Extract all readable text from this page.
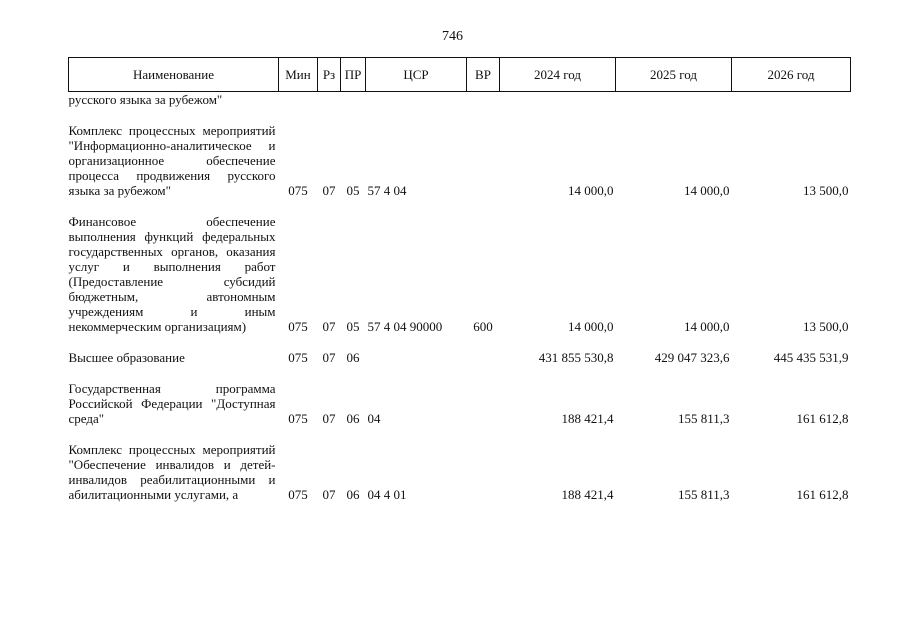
746
Наименование	Мин	Рз	ПР	ЦСР	ВР	2024 год	2025 год	2026 год
русского языка за рубежом"								

Комплекс процессных мероприятий "Информационно-аналитическое и организационное обеспечение процесса продвижения русского языка за рубежом"	075	07	05	57 4 04		14 000,0	14 000,0	13 500,0

Финансовое обеспечение выполнения функций федеральных государственных органов, оказания услуг и выполнения работ (Предоставление субсидий бюджетным, автономным учреждениям и иным некоммерческим организациям)	075	07	05	57 4 04 90000	600	14 000,0	14 000,0	13 500,0

Высшее образование	075	07	06			431 855 530,8	429 047 323,6	445 435 531,9

Государственная программа Российской Федерации "Доступная среда"	075	07	06	04		188 421,4	155 811,3	161 612,8

Комплекс процессных мероприятий "Обеспечение инвалидов и детей-инвалидов реабилитационными и абилитационными услугами, а	075	07	06	04 4 01		188 421,4	155 811,3	161 612,8
